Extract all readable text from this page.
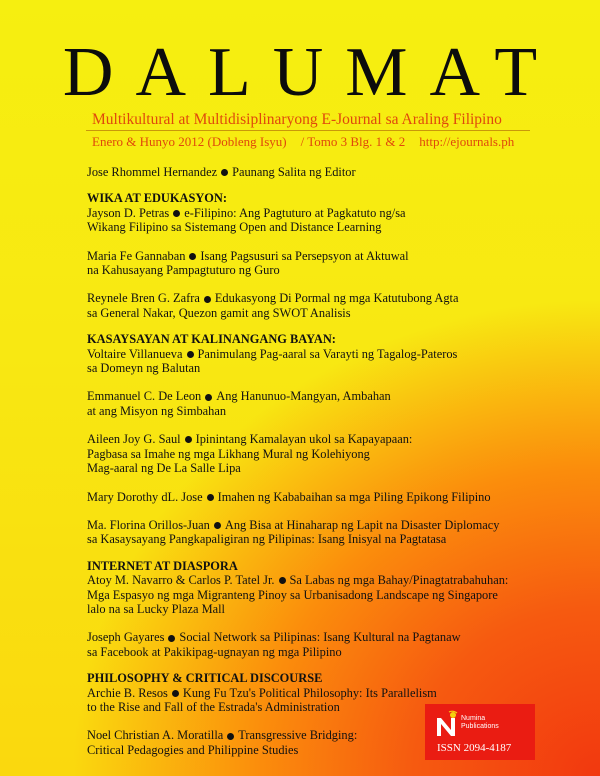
DALUMAT
Multikultural at Multidisiplinaryong E-Journal sa Araling Filipino
Enero & Hunyo 2012 (Dobleng Isyu) / Tomo 3 Blg. 1 & 2 http://ejournals.ph
Jose Rhommel Hernandez Paunang Salita ng Editor
WIKA AT EDUKASYON:
Jayson D. Petras e-Filipino: Ang Pagtuturo at Pagkatuto ng/sa
Wikang Filipino sa Sistemang Open and Distance Learning
Maria Fe Gannaban Isang Pagsusuri sa Persepsyon at Aktuwal
na Kahusayang Pampagtuturo ng Guro
Reynele Bren G. Zafra Edukasyong Di Pormal ng mga Katutubong Agta
sa General Nakar, Quezon gamit ang SWOT Analisis
KASAYSAYAN AT KALINANGANG BAYAN:
Voltaire Villanueva Panimulang Pag-aaral sa Varayti ng Tagalog-Pateros
sa Domeyn ng Balutan
Emmanuel C. De Leon Ang Hanunuo-Mangyan, Ambahan
at ang Misyon ng Simbahan
Aileen Joy G. Saul Ipinintang Kamalayan ukol sa Kapayapaan:
Pagbasa sa Imahe ng mga Likhang Mural ng Kolehiyong
Mag-aaral ng De La Salle Lipa
Mary Dorothy dL. Jose Imahen ng Kababaihan sa mga Piling Epikong Filipino
Ma. Florina Orillos-Juan Ang Bisa at Hinaharap ng Lapit na Disaster Diplomacy
sa Kasaysayang Pangkapaligiran ng Pilipinas: Isang Inisyal na Pagtatasa
INTERNET AT DIASPORA
Atoy M. Navarro & Carlos P. Tatel Jr. Sa Labas ng mga Bahay/Pinagtatrabahuhan:
Mga Espasyo ng mga Migranteng Pinoy sa Urbanisadong Landscape ng Singapore
lalo na sa Lucky Plaza Mall
Joseph Gayares Social Network sa Pilipinas: Isang Kultural na Pagtanaw
sa Facebook at Pakikipag-ugnayan ng mga Pilipino
PHILOSOPHY & CRITICAL DISCOURSE
Archie B. Resos Kung Fu Tzu's Political Philosophy: Its Parallelism
to the Rise and Fall of the Estrada's Administration
Noel Christian A. Moratilla Transgressive Bridging:
Critical Pedagogies and Philippine Studies
Numina
Publications
ISSN 2094-4187
